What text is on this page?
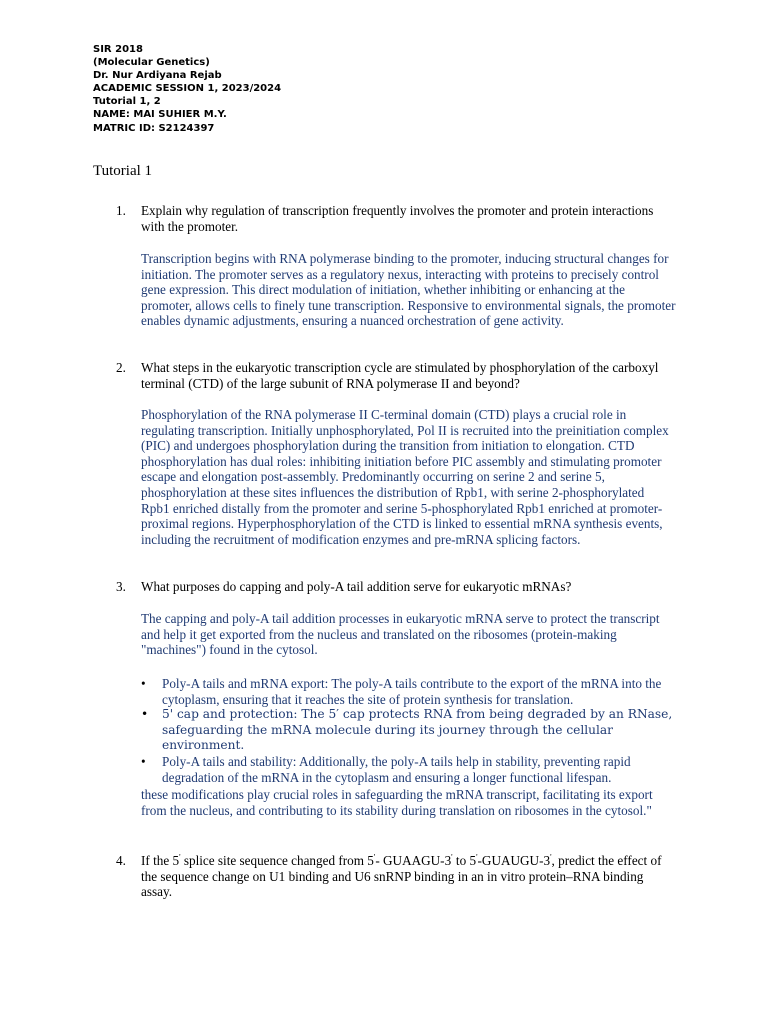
SIR 2018
(Molecular Genetics)
Dr. Nur Ardiyana Rejab
ACADEMIC SESSION 1, 2023/2024
Tutorial 1, 2
NAME: MAI SUHIER M.Y.
MATRIC ID: S2124397
Tutorial 1
1. Explain why regulation of transcription frequently involves the promoter and protein interactions with the promoter.
Transcription begins with RNA polymerase binding to the promoter, inducing structural changes for initiation. The promoter serves as a regulatory nexus, interacting with proteins to precisely control gene expression. This direct modulation of initiation, whether inhibiting or enhancing at the promoter, allows cells to finely tune transcription. Responsive to environmental signals, the promoter enables dynamic adjustments, ensuring a nuanced orchestration of gene activity.
2. What steps in the eukaryotic transcription cycle are stimulated by phosphorylation of the carboxyl terminal (CTD) of the large subunit of RNA polymerase II and beyond?
Phosphorylation of the RNA polymerase II C-terminal domain (CTD) plays a crucial role in regulating transcription. Initially unphosphorylated, Pol II is recruited into the preinitiation complex (PIC) and undergoes phosphorylation during the transition from initiation to elongation. CTD phosphorylation has dual roles: inhibiting initiation before PIC assembly and stimulating promoter escape and elongation post-assembly. Predominantly occurring on serine 2 and serine 5, phosphorylation at these sites influences the distribution of Rpb1, with serine 2-phosphorylated Rpb1 enriched distally from the promoter and serine 5-phosphorylated Rpb1 enriched at promoter-proximal regions. Hyperphosphorylation of the CTD is linked to essential mRNA synthesis events, including the recruitment of modification enzymes and pre-mRNA splicing factors.
3. What purposes do capping and poly-A tail addition serve for eukaryotic mRNAs?
The capping and poly-A tail addition processes in eukaryotic mRNA serve to protect the transcript and help it get exported from the nucleus and translated on the ribosomes (protein-making "machines") found in the cytosol.
• Poly-A tails and mRNA export: The poly-A tails contribute to the export of the mRNA into the cytoplasm, ensuring that it reaches the site of protein synthesis for translation.
• 5' cap and protection: The 5′ cap protects RNA from being degraded by an RNase, safeguarding the mRNA molecule during its journey through the cellular environment.
• Poly-A tails and stability: Additionally, the poly-A tails help in stability, preventing rapid degradation of the mRNA in the cytoplasm and ensuring a longer functional lifespan.
these modifications play crucial roles in safeguarding the mRNA transcript, facilitating its export from the nucleus, and contributing to its stability during translation on ribosomes in the cytosol."
4. If the 5' splice site sequence changed from 5'- GUAAGU-3' to 5'-GUAUGU-3', predict the effect of the sequence change on U1 binding and U6 snRNP binding in an in vitro protein–RNA binding assay.
